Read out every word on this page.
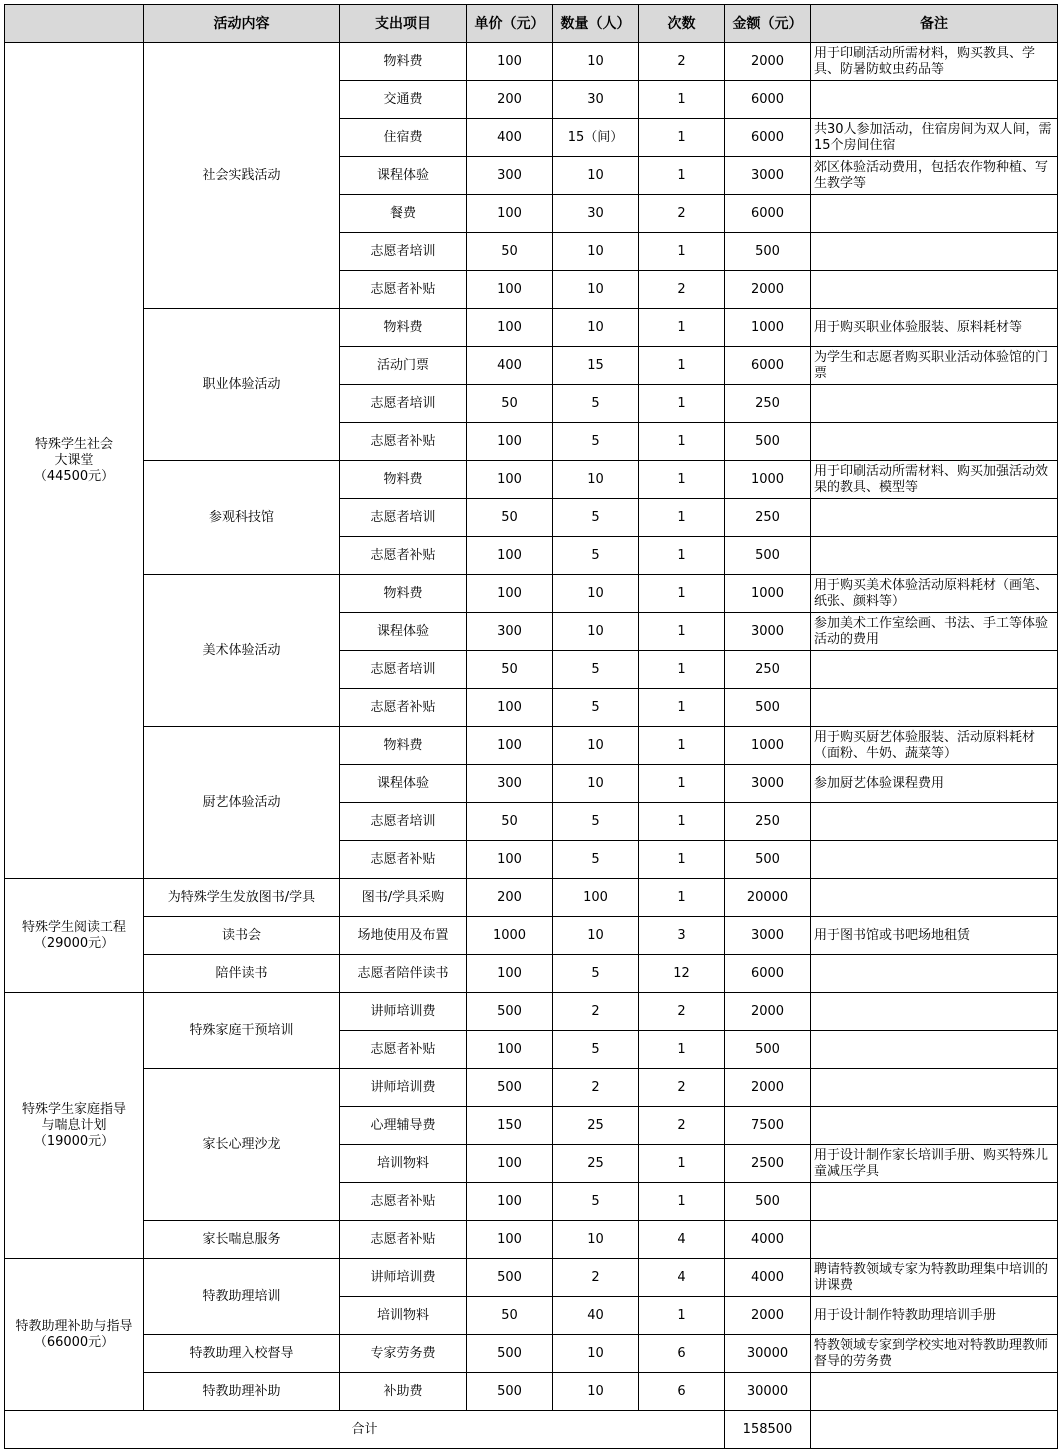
	活动内容	支出项目	单价（元）	数量（人）	次数	金额（元）	备注

特殊学生社会
大课堂
（44500元）	社会实践活动	物料费	100	10	2	2000	用于印刷活动所需材料，购买教具、学具、防暑防蚊虫药品等
		交通费	200	30	1	6000	
		住宿费	400	15（间）	1	6000	共30人参加活动，住宿房间为双人间，需15个房间住宿
		课程体验	300	10	1	3000	郊区体验活动费用，包括农作物种植、写生教学等
		餐费	100	30	2	6000	
		志愿者培训	50	10	1	500	
		志愿者补贴	100	10	2	2000	
	职业体验活动	物料费	100	10	1	1000	用于购买职业体验服装、原料耗材等
		活动门票	400	15	1	6000	为学生和志愿者购买职业活动体验馆的门票
		志愿者培训	50	5	1	250	
		志愿者补贴	100	5	1	500	
	参观科技馆	物料费	100	10	1	1000	用于印刷活动所需材料、购买加强活动效果的教具、模型等
		志愿者培训	50	5	1	250	
		志愿者补贴	100	5	1	500	
	美术体验活动	物料费	100	10	1	1000	用于购买美术体验活动原料耗材（画笔、纸张、颜料等）
		课程体验	300	10	1	3000	参加美术工作室绘画、书法、手工等体验活动的费用
		志愿者培训	50	5	1	250	
		志愿者补贴	100	5	1	500	
	厨艺体验活动	物料费	100	10	1	1000	用于购买厨艺体验服装、活动原料耗材（面粉、牛奶、蔬菜等）
		课程体验	300	10	1	3000	参加厨艺体验课程费用
		志愿者培训	50	5	1	250	
		志愿者补贴	100	5	1	500	
特殊学生阅读工程
（29000元）	为特殊学生发放图书/学具	图书/学具采购	200	100	1	20000	
	读书会	场地使用及布置	1000	10	3	3000	用于图书馆或书吧场地租赁
	陪伴读书	志愿者陪伴读书	100	5	12	6000	

特殊学生家庭指导
与喘息计划
（19000元）	特殊家庭干预培训	讲师培训费	500	2	2	2000	
		志愿者补贴	100	5	1	500	
	家长心理沙龙	讲师培训费	500	2	2	2000	
		心理辅导费	150	25	2	7500	
		培训物料	100	25	1	2500	用于设计制作家长培训手册、购买特殊儿童减压学具
		志愿者补贴	100	5	1	500	
	家长喘息服务	志愿者补贴	100	10	4	4000	

特教助理补助与指导
（66000元）	特教助理培训	讲师培训费	500	2	4	4000	聘请特教领域专家为特教助理集中培训的讲课费
		培训物料	50	40	1	2000	用于设计制作特教助理培训手册
	特教助理入校督导	专家劳务费	500	10	6	30000	特教领域专家到学校实地对特教助理教师督导的劳务费
	特教助理补助	补助费	500	10	6	30000	
合计						158500	
